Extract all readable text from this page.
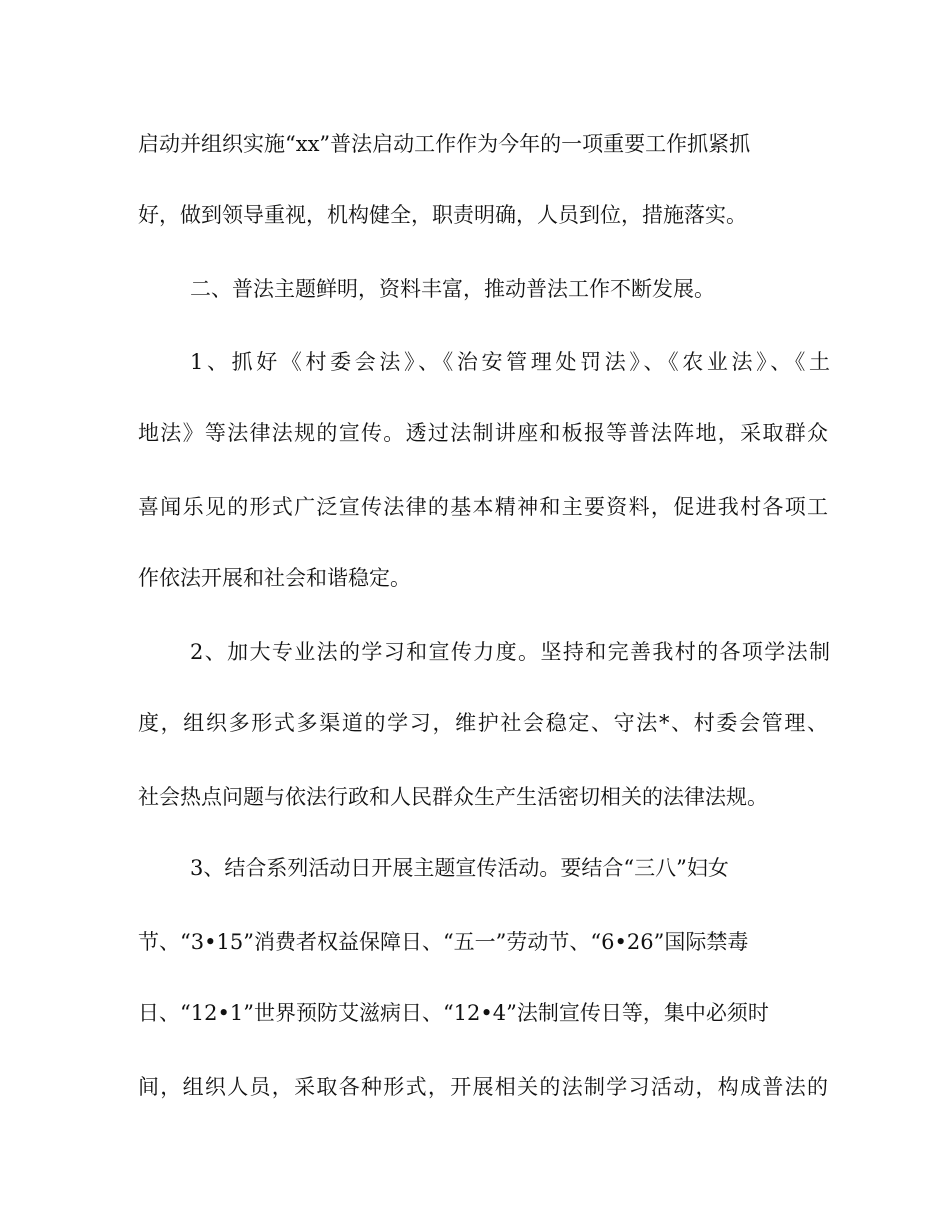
启动并组织实施“xx”普法启动工作作为今年的一项重要工作抓紧抓
好，做到领导重视，机构健全，职责明确，人员到位，措施落实。
二、普法主题鲜明，资料丰富，推动普法工作不断发展。
1、抓好《村委会法》、《治安管理处罚法》、《农业法》、《土
地法》等法律法规的宣传。透过法制讲座和板报等普法阵地，采取群众
喜闻乐见的形式广泛宣传法律的基本精神和主要资料，促进我村各项工
作依法开展和社会和谐稳定。
2、加大专业法的学习和宣传力度。坚持和完善我村的各项学法制
度，组织多形式多渠道的学习，维护社会稳定、守法*、村委会管理、
社会热点问题与依法行政和人民群众生产生活密切相关的法律法规。
3、结合系列活动日开展主题宣传活动。要结合“三八”妇女
节、“3•15”消费者权益保障日、“五一”劳动节、“6•26”国际禁毒
日、“12•1”世界预防艾滋病日、“12•4”法制宣传日等，集中必须时
间，组织人员，采取各种形式，开展相关的法制学习活动，构成普法的
